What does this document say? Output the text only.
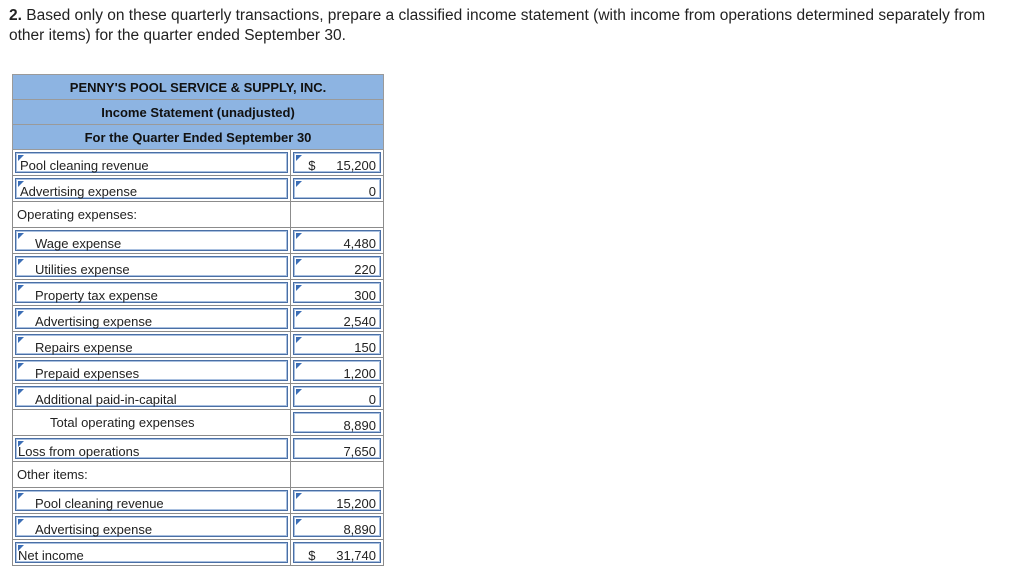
2. Based only on these quarterly transactions, prepare a classified income statement (with income from operations determined separately from other items) for the quarter ended September 30.
PENNY'S POOL SERVICE & SUPPLY, INC.	
Income Statement (unadjusted)	
For the Quarter Ended September 30	

Pool cleaning revenue	$ 15,200

Advertising expense	0

Operating expenses:	

Wage expense	4,480

Utilities expense	220

Property tax expense	300

Advertising expense	2,540

Repairs expense	150

Prepaid expenses	1,200

Additional paid-in-capital	0

Total operating expenses	8,890

Loss from operations	7,650

Other items:	

Pool cleaning revenue	15,200

Advertising expense	8,890

Net income	$ 31,740
